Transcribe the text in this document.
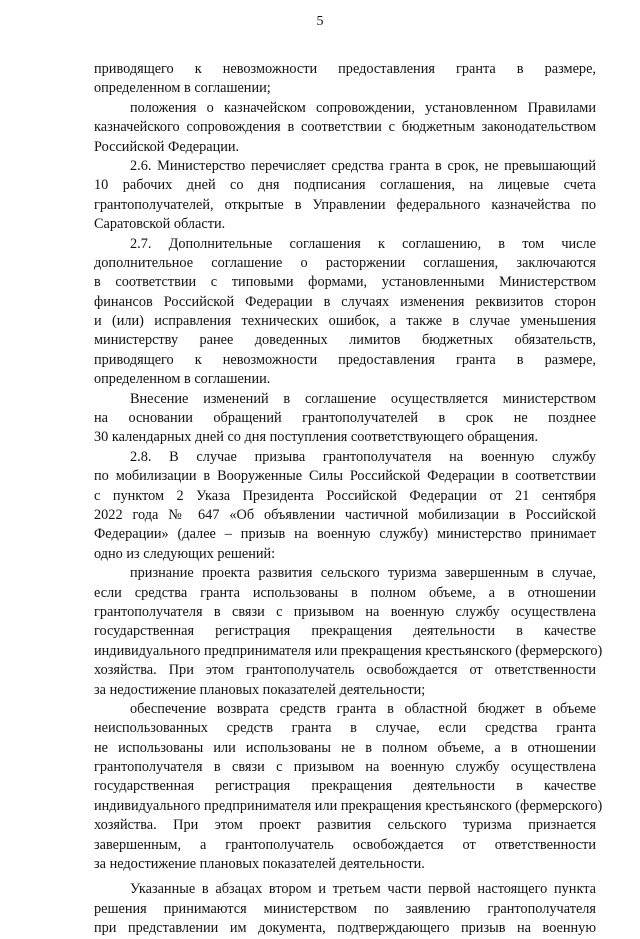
5
приводящего к невозможности предоставления гранта в размере,
определенном в соглашении;
положения о казначейском сопровождении, установленном Правилами
казначейского сопровождения в соответствии с бюджетным законодательством
Российской Федерации.
2.6. Министерство перечисляет средства гранта в срок, не превышающий
10 рабочих дней со дня подписания соглашения, на лицевые счета
грантополучателей, открытые в Управлении федерального казначейства по
Саратовской области.
2.7. Дополнительные соглашения к соглашению, в том числе
дополнительное соглашение о расторжении соглашения, заключаются
в соответствии с типовыми формами, установленными Министерством
финансов Российской Федерации в случаях изменения реквизитов сторон
и (или) исправления технических ошибок, а также в случае уменьшения
министерству ранее доведенных лимитов бюджетных обязательств,
приводящего к невозможности предоставления гранта в размере,
определенном в соглашении.
Внесение изменений в соглашение осуществляется министерством
на основании обращений грантополучателей в срок не позднее
30 календарных дней со дня поступления соответствующего обращения.
2.8. В случае призыва грантополучателя на военную службу
по мобилизации в Вооруженные Силы Российской Федерации в соответствии
с пунктом 2 Указа Президента Российской Федерации от 21 сентября
2022 года № 647 «Об объявлении частичной мобилизации в Российской
Федерации» (далее – призыв на военную службу) министерство принимает
одно из следующих решений:
признание проекта развития сельского туризма завершенным в случае,
если средства гранта использованы в полном объеме, а в отношении
грантополучателя в связи с призывом на военную службу осуществлена
государственная регистрация прекращения деятельности в качестве
индивидуального предпринимателя или прекращения крестьянского (фермерского)
хозяйства. При этом грантополучатель освобождается от ответственности
за недостижение плановых показателей деятельности;
обеспечение возврата средств гранта в областной бюджет в объеме
неиспользованных средств гранта в случае, если средства гранта
не использованы или использованы не в полном объеме, а в отношении
грантополучателя в связи с призывом на военную службу осуществлена
государственная регистрация прекращения деятельности в качестве
индивидуального предпринимателя или прекращения крестьянского (фермерского)
хозяйства. При этом проект развития сельского туризма признается
завершенным, а грантополучатель освобождается от ответственности
за недостижение плановых показателей деятельности.
Указанные в абзацах втором и третьем части первой настоящего пункта
решения принимаются министерством по заявлению грантополучателя
при представлении им документа, подтверждающего призыв на военную
